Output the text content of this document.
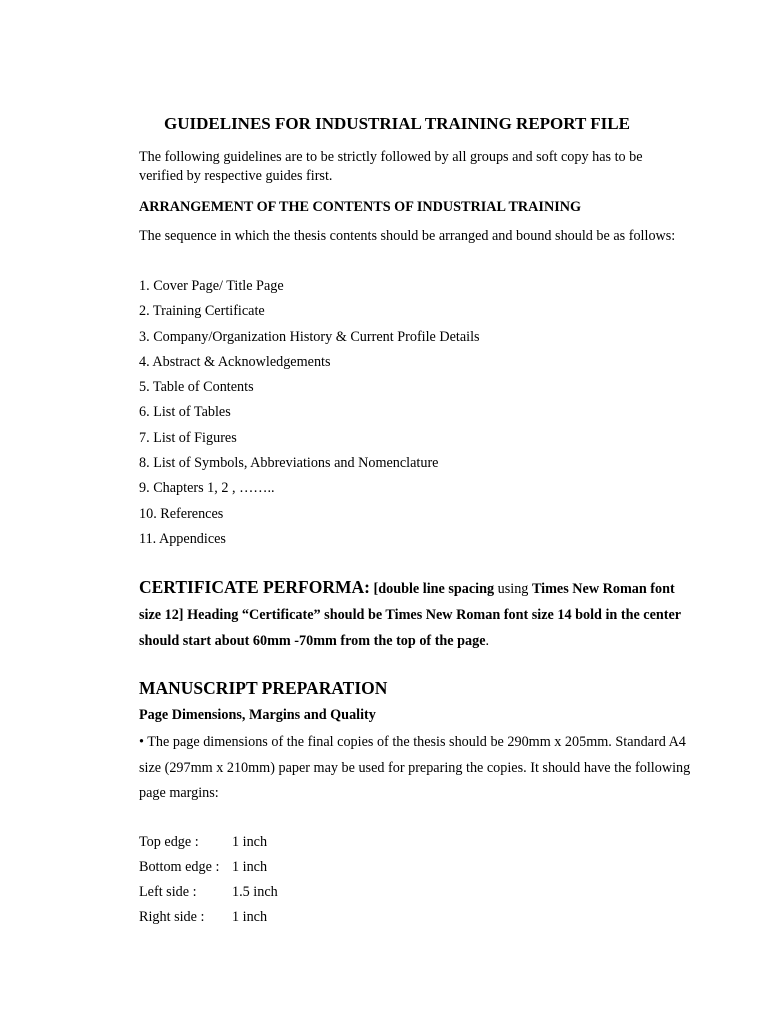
GUIDELINES FOR INDUSTRIAL TRAINING REPORT FILE
The following guidelines are to be strictly followed by all groups and soft copy has to be verified by respective guides first.
ARRANGEMENT OF THE CONTENTS OF INDUSTRIAL TRAINING
The sequence in which the thesis contents should be arranged and bound should be as follows:
1. Cover Page/ Title Page
2. Training Certificate
3. Company/Organization History & Current Profile Details
4. Abstract & Acknowledgements
5. Table of Contents
6. List of Tables
7. List of Figures
8. List of Symbols, Abbreviations and Nomenclature
9. Chapters 1, 2 , ……..
10. References
11. Appendices
CERTIFICATE PERFORMA: [double line spacing using Times New Roman font size 12] Heading “Certificate” should be Times New Roman font size 14 bold in the center should start about 60mm -70mm from the top of the page.
MANUSCRIPT PREPARATION
Page Dimensions, Margins and Quality
• The page dimensions of the final copies of the thesis should be 290mm x 205mm. Standard A4 size (297mm x 210mm) paper may be used for preparing the copies. It should have the following page margins:
Top edge :	1 inch
Bottom edge : 1 inch
Left side :	1.5 inch
Right side :	1 inch
